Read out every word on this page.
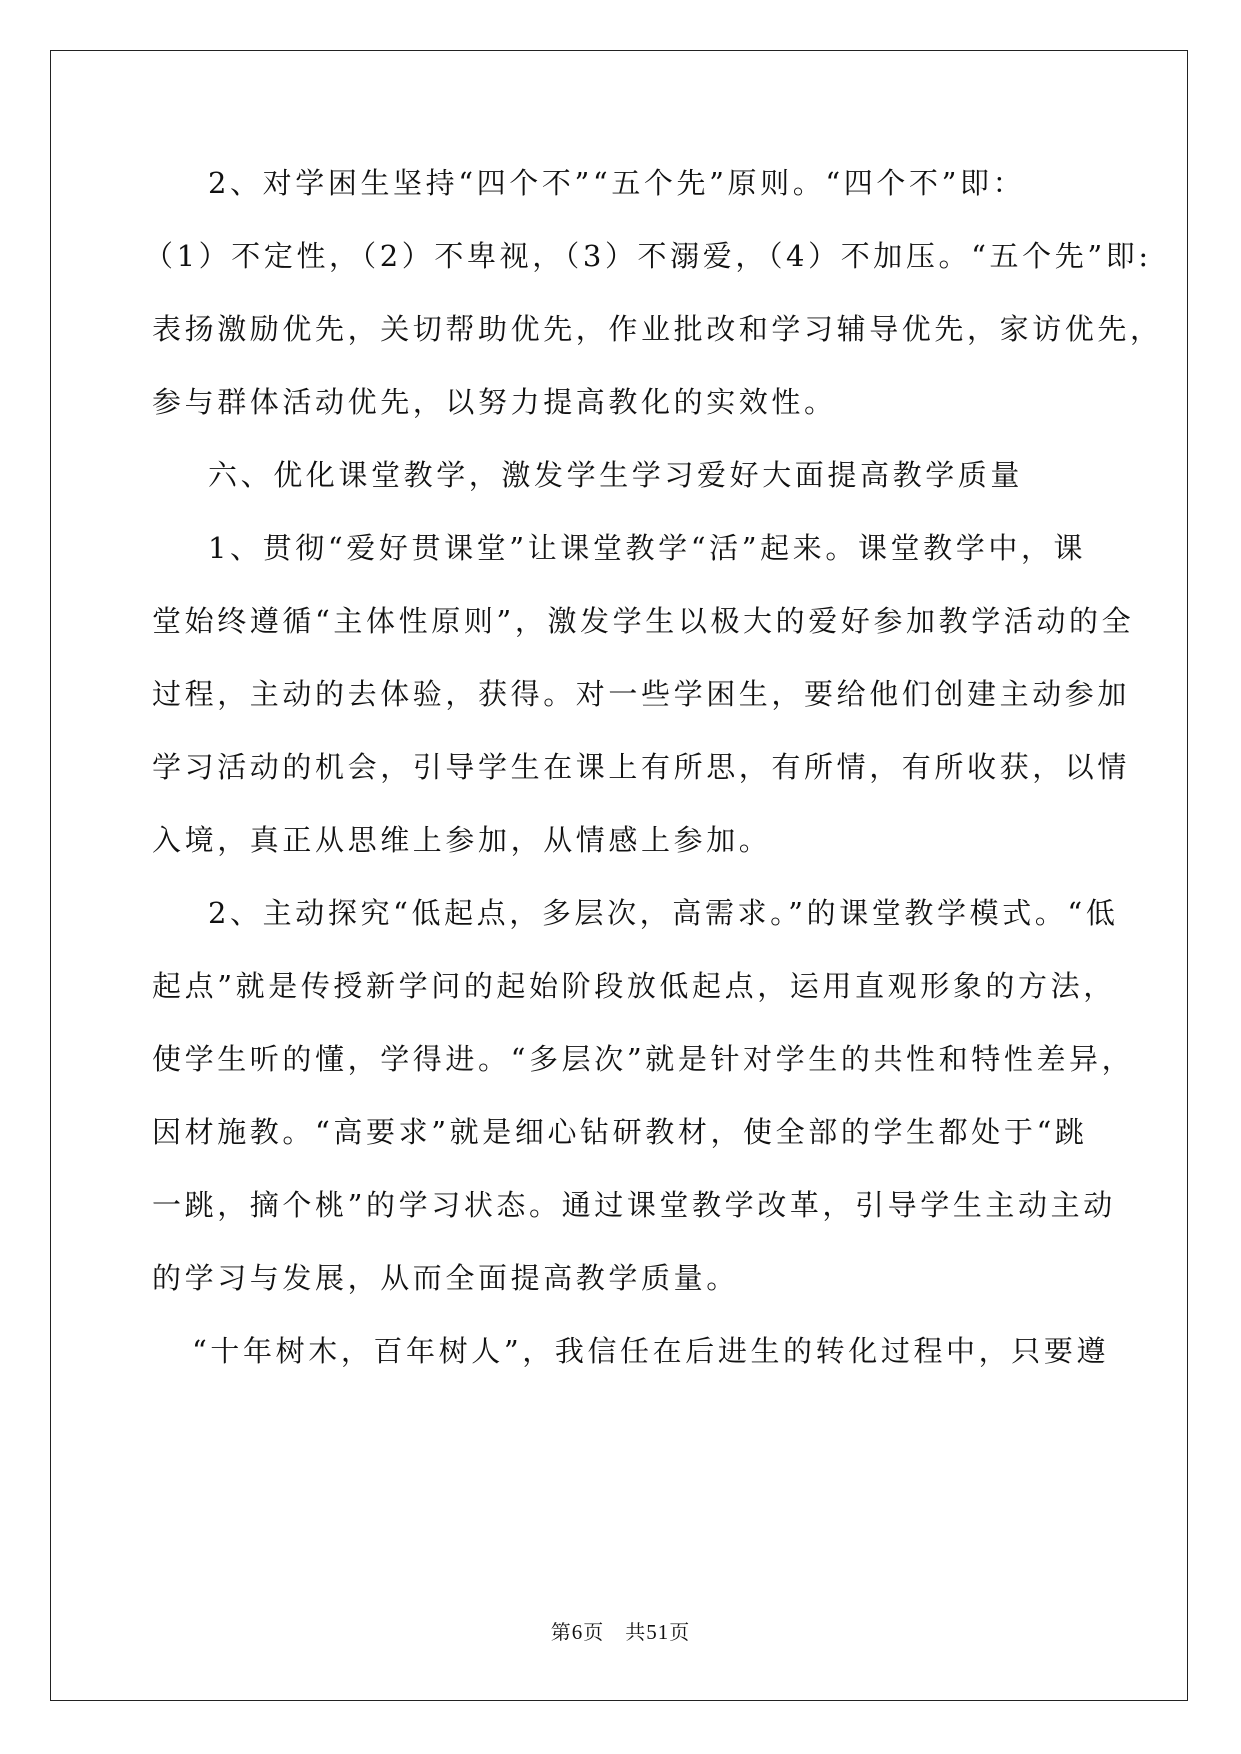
2、对学困生坚持“四个不”“五个先”原则。“四个不”即：
（1）不定性，（2）不卑视，（3）不溺爱，（4）不加压。“五个先”即:
表扬激励优先，关切帮助优先，作业批改和学习辅导优先，家访优先，
参与群体活动优先，以努力提高教化的实效性。
六、优化课堂教学，激发学生学习爱好大面提高教学质量
1、贯彻“爱好贯课堂”让课堂教学“活”起来。课堂教学中，课
堂始终遵循“主体性原则”，激发学生以极大的爱好参加教学活动的全
过程，主动的去体验，获得。对一些学困生，要给他们创建主动参加
学习活动的机会，引导学生在课上有所思，有所情，有所收获，以情
入境，真正从思维上参加，从情感上参加。
2、主动探究“低起点，多层次，高需求。”的课堂教学模式。“低
起点”就是传授新学问的起始阶段放低起点，运用直观形象的方法，
使学生听的懂，学得进。“多层次”就是针对学生的共性和特性差异，
因材施教。“高要求”就是细心钻研教材，使全部的学生都处于“跳
一跳，摘个桃”的学习状态。通过课堂教学改革，引导学生主动主动
的学习与发展，从而全面提高教学质量。
“十年树木，百年树人”，我信任在后进生的转化过程中，只要遵
第6页　共51页
